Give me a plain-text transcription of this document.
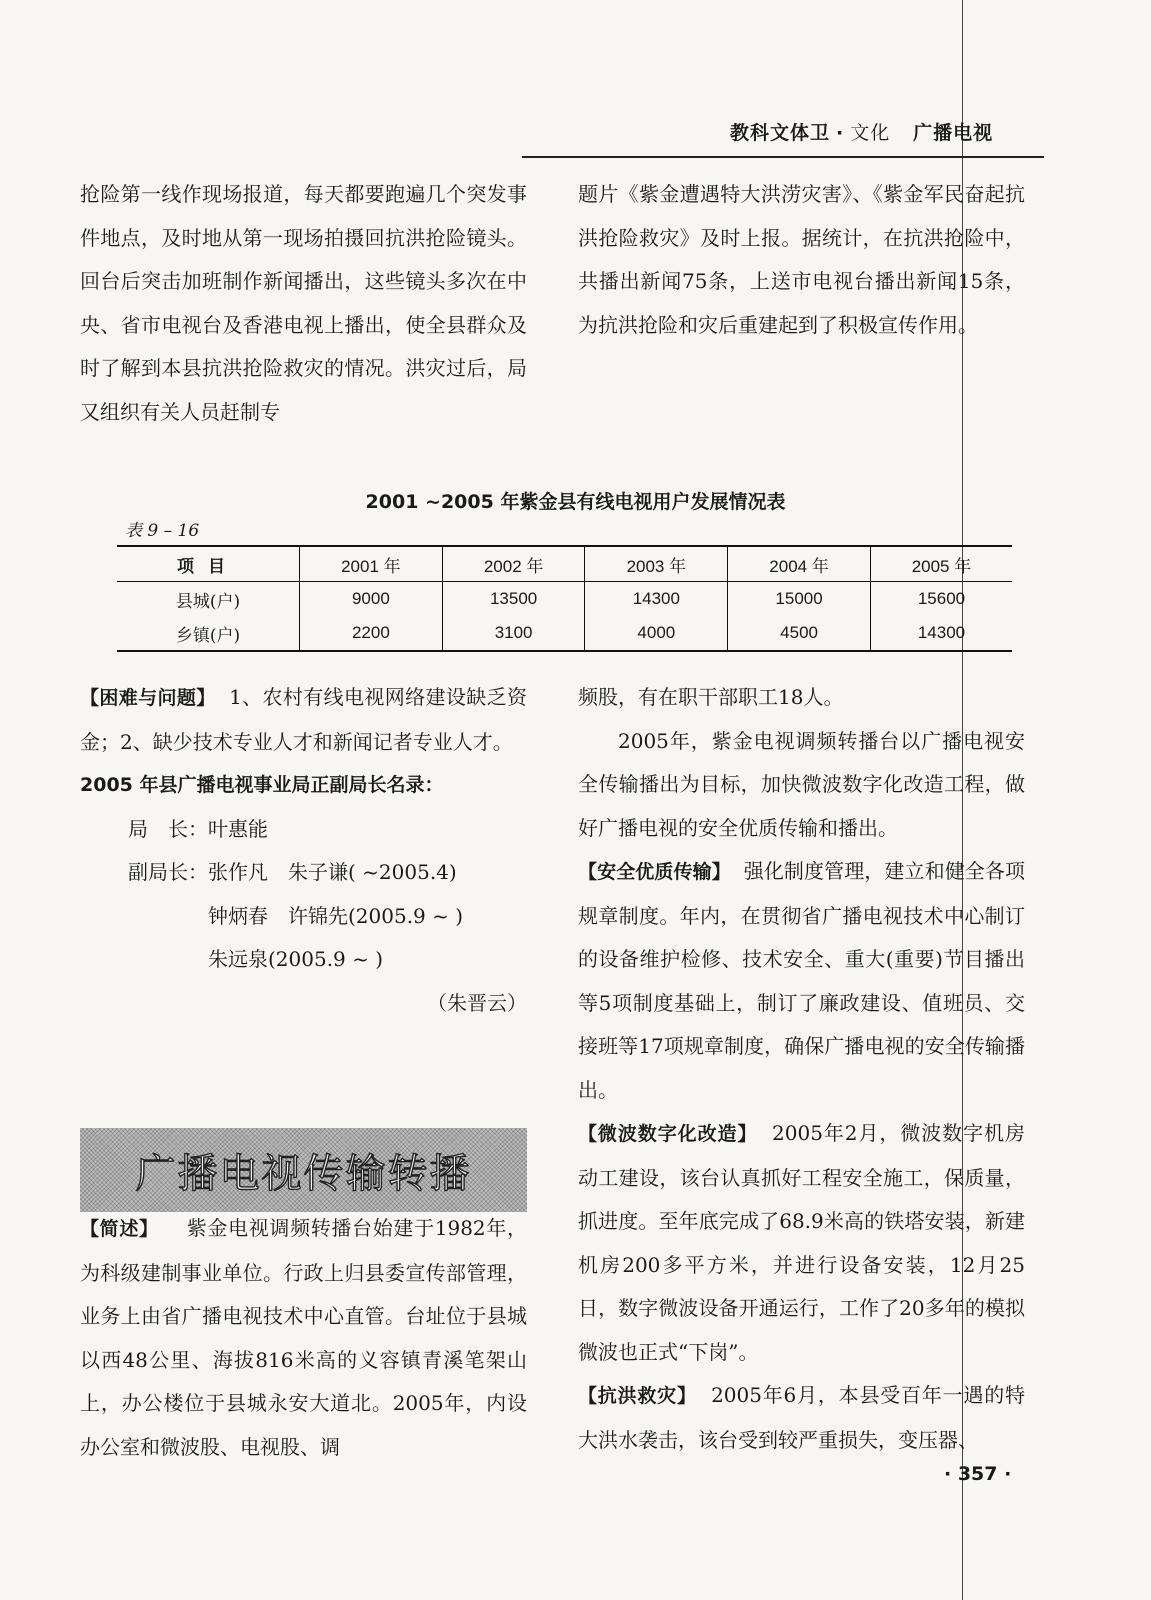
教科文体卫 · 文化 广播电视

抢险第一线作现场报道，每天都要跑遍几个突发事件地点，及时地从第一现场拍摄回抗洪抢险镜头。回台后突击加班制作新闻播出，这些镜头多次在中央、省市电视台及香港电视上播出，使全县群众及时了解到本县抗洪抢险救灾的情况。洪灾过后，局又组织有关人员赶制专

题片《紫金遭遇特大洪涝灾害》、《紫金军民奋起抗洪抢险救灾》及时上报。据统计，在抗洪抢险中，共播出新闻75条，上送市电视台播出新闻15条，为抗洪抢险和灾后重建起到了积极宣传作用。

2001 ~2005 年紫金县有线电视用户发展情况表
表 9 – 16
项目	2001 年	2002 年	2003 年	2004 年	2005 年
县城(户)	9000	13500	14300	15000	15600
乡镇(户)	2200	3100	4000	4500	14300

【困难与问题】 1、农村有线电视网络建设缺乏资金；2、缺少技术专业人才和新闻记者专业人才。

2005 年县广播电视事业局正副局长名录：

局　长：叶惠能

副局长：张作凡　朱子谦( ~2005.4)

钟炳春　许锦先(2005.9 ~ )

朱远泉(2005.9 ~ )

（朱晋云）

广播电视传输转播

【简述】 紫金电视调频转播台始建于1982年，为科级建制事业单位。行政上归县委宣传部管理，业务上由省广播电视技术中心直管。台址位于县城以西48公里、海拔816米高的义容镇青溪笔架山上，办公楼位于县城永安大道北。2005年，内设办公室和微波股、电视股、调

频股，有在职干部职工18人。

2005年，紫金电视调频转播台以广播电视安全传输播出为目标，加快微波数字化改造工程，做好广播电视的安全优质传输和播出。

【安全优质传输】 强化制度管理，建立和健全各项规章制度。年内，在贯彻省广播电视技术中心制订的设备维护检修、技术安全、重大(重要)节目播出等5项制度基础上，制订了廉政建设、值班员、交接班等17项规章制度，确保广播电视的安全传输播出。

【微波数字化改造】 2005年2月，微波数字机房动工建设，该台认真抓好工程安全施工，保质量，抓进度。至年底完成了68.9米高的铁塔安装，新建机房200多平方米，并进行设备安装，12月25日，数字微波设备开通运行，工作了20多年的模拟微波也正式“下岗”。

【抗洪救灾】 2005年6月，本县受百年一遇的特大洪水袭击，该台受到较严重损失，变压器、

· 357 ·
